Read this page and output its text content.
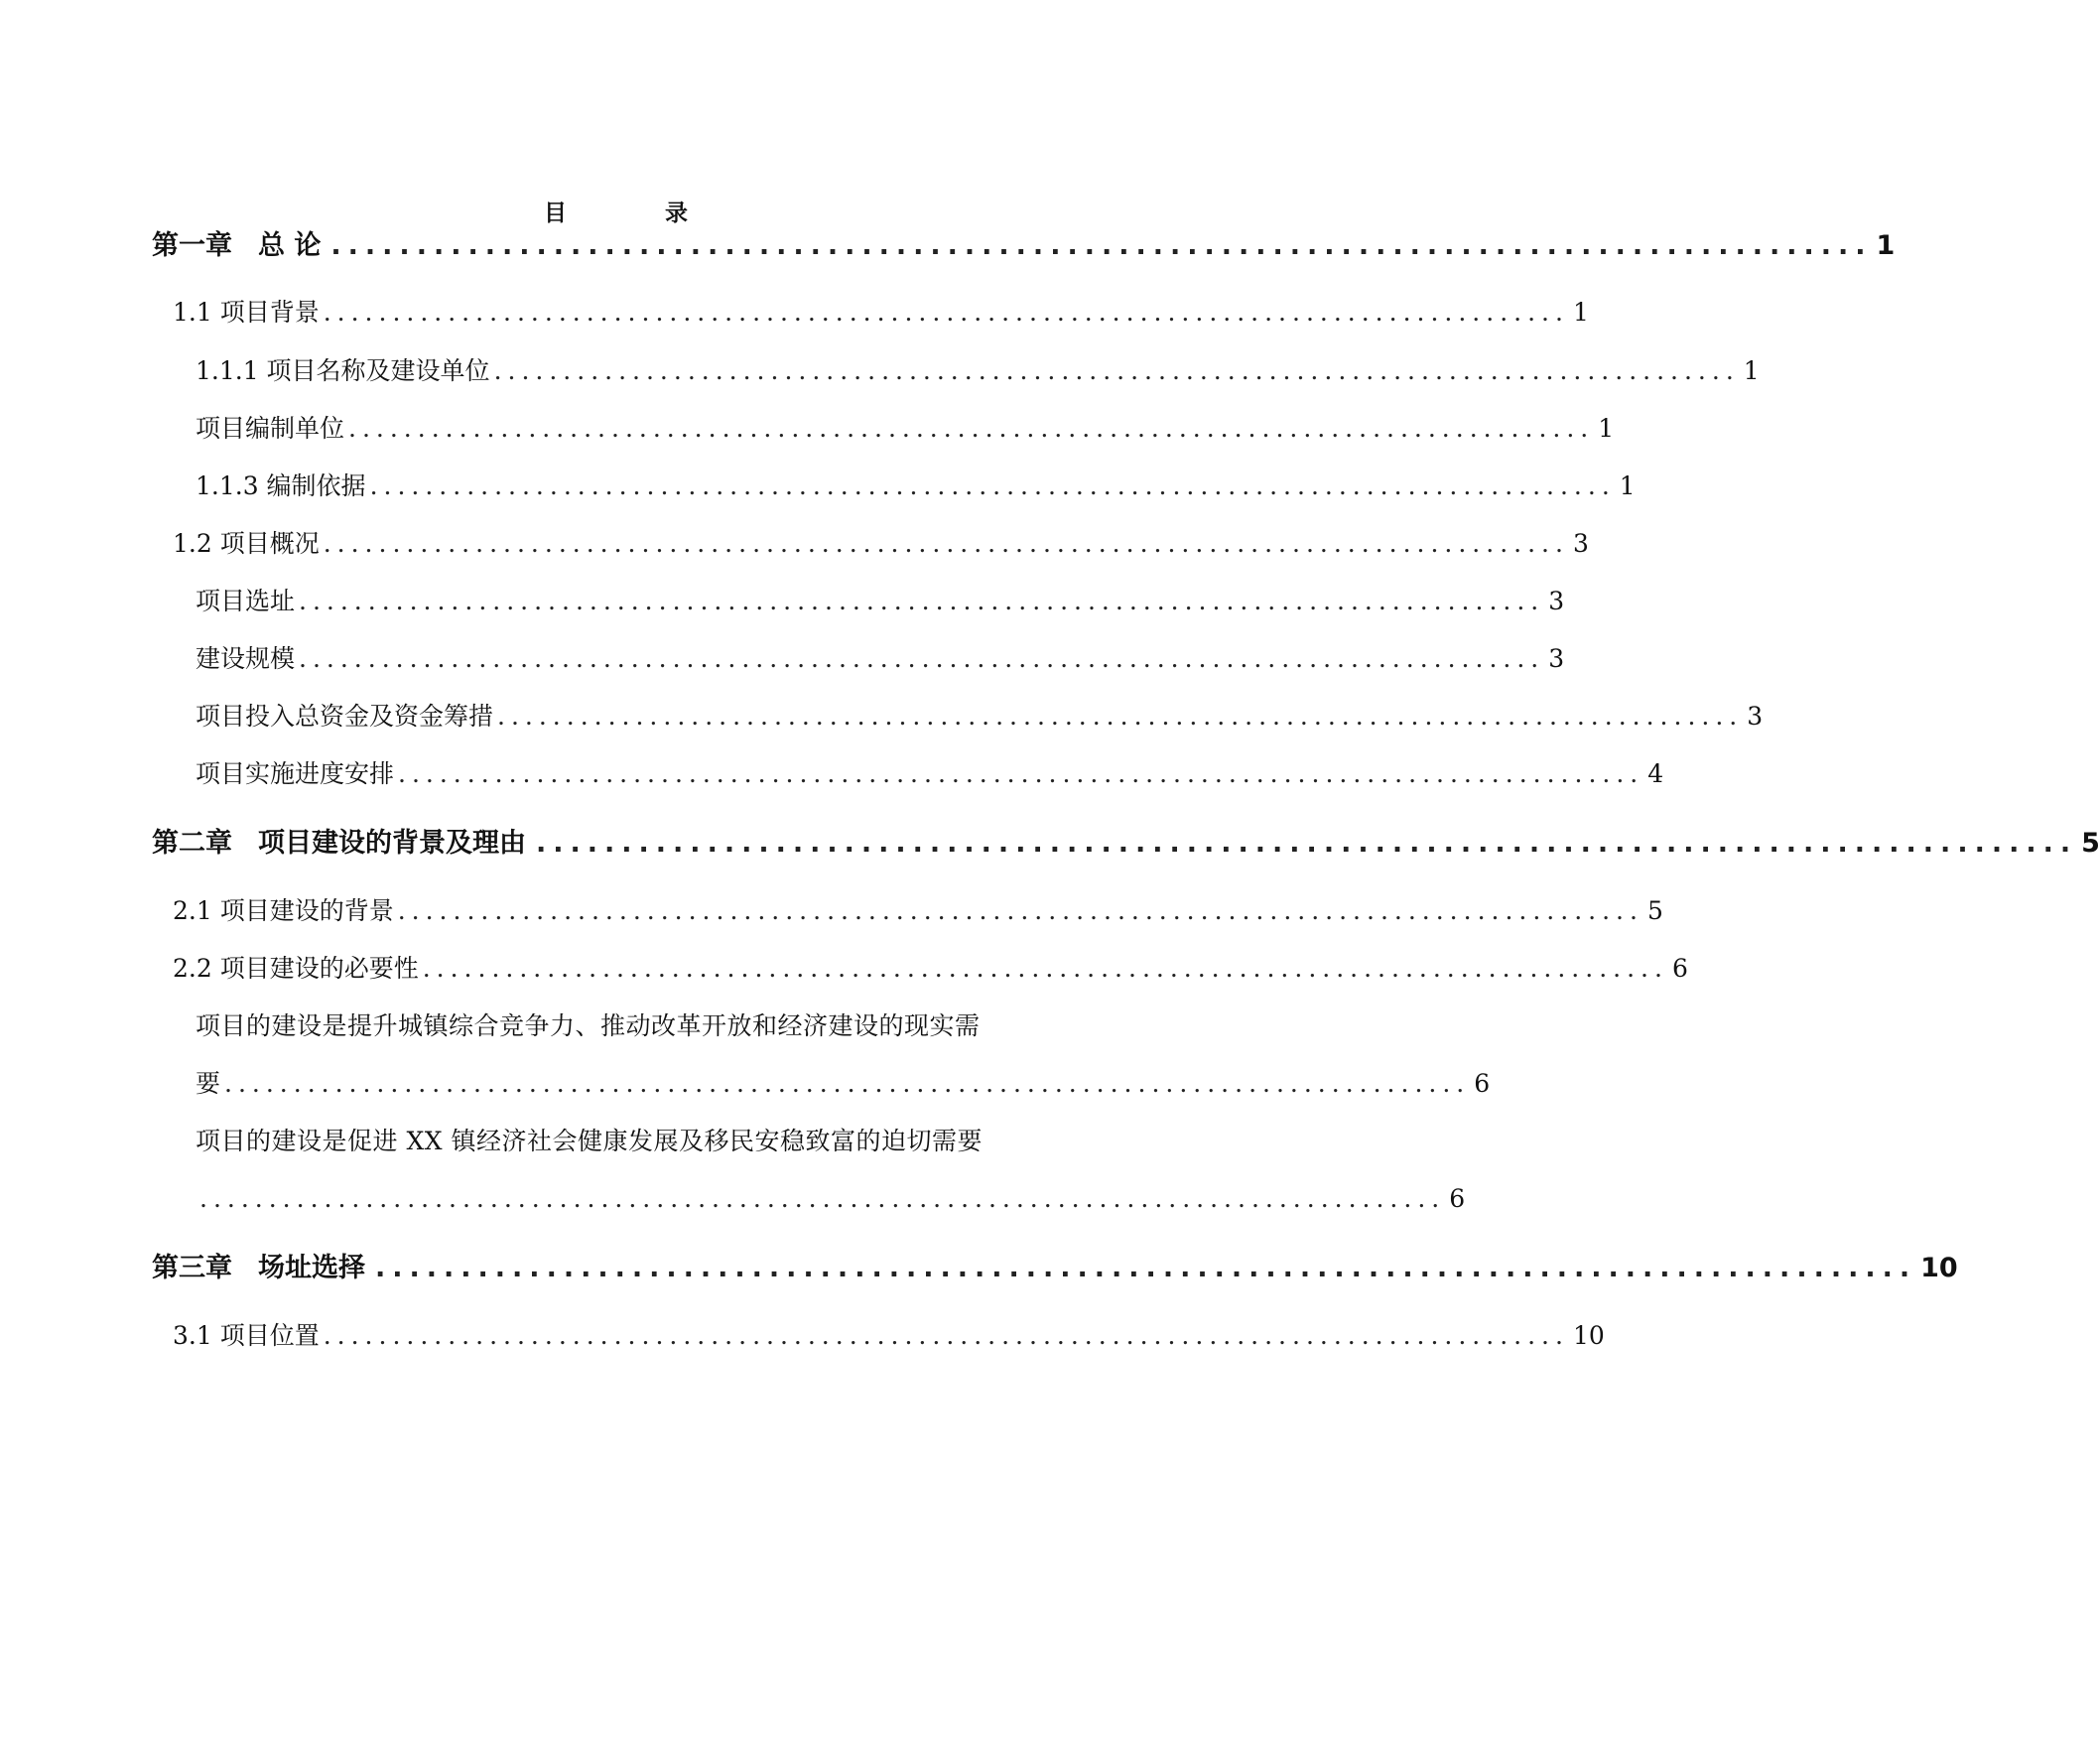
目　录
第一章 总 论 .......................................................................................... 1
1.1 项目背景 .......................................................................................... 1
1.1.1 项目名称及建设单位 .......................................................................................... 1
项目编制单位 .......................................................................................... 1
1.1.3 编制依据 .......................................................................................... 1
1.2 项目概况 .......................................................................................... 3
项目选址 .......................................................................................... 3
建设规模 .......................................................................................... 3
项目投入总资金及资金筹措 .......................................................................................... 3
项目实施进度安排 .......................................................................................... 4
第二章 项目建设的背景及理由 .......................................................................................... 5
2.1 项目建设的背景 .......................................................................................... 5
2.2 项目建设的必要性 .......................................................................................... 6
项目的建设是提升城镇综合竞争力、推动改革开放和经济建设的现实需
要 .......................................................................................... 6
项目的建设是促进 XX 镇经济社会健康发展及移民安稳致富的迫切需要
.......................................................................................... 6
第三章 场址选择 .......................................................................................... 10
3.1 项目位置 .......................................................................................... 10
